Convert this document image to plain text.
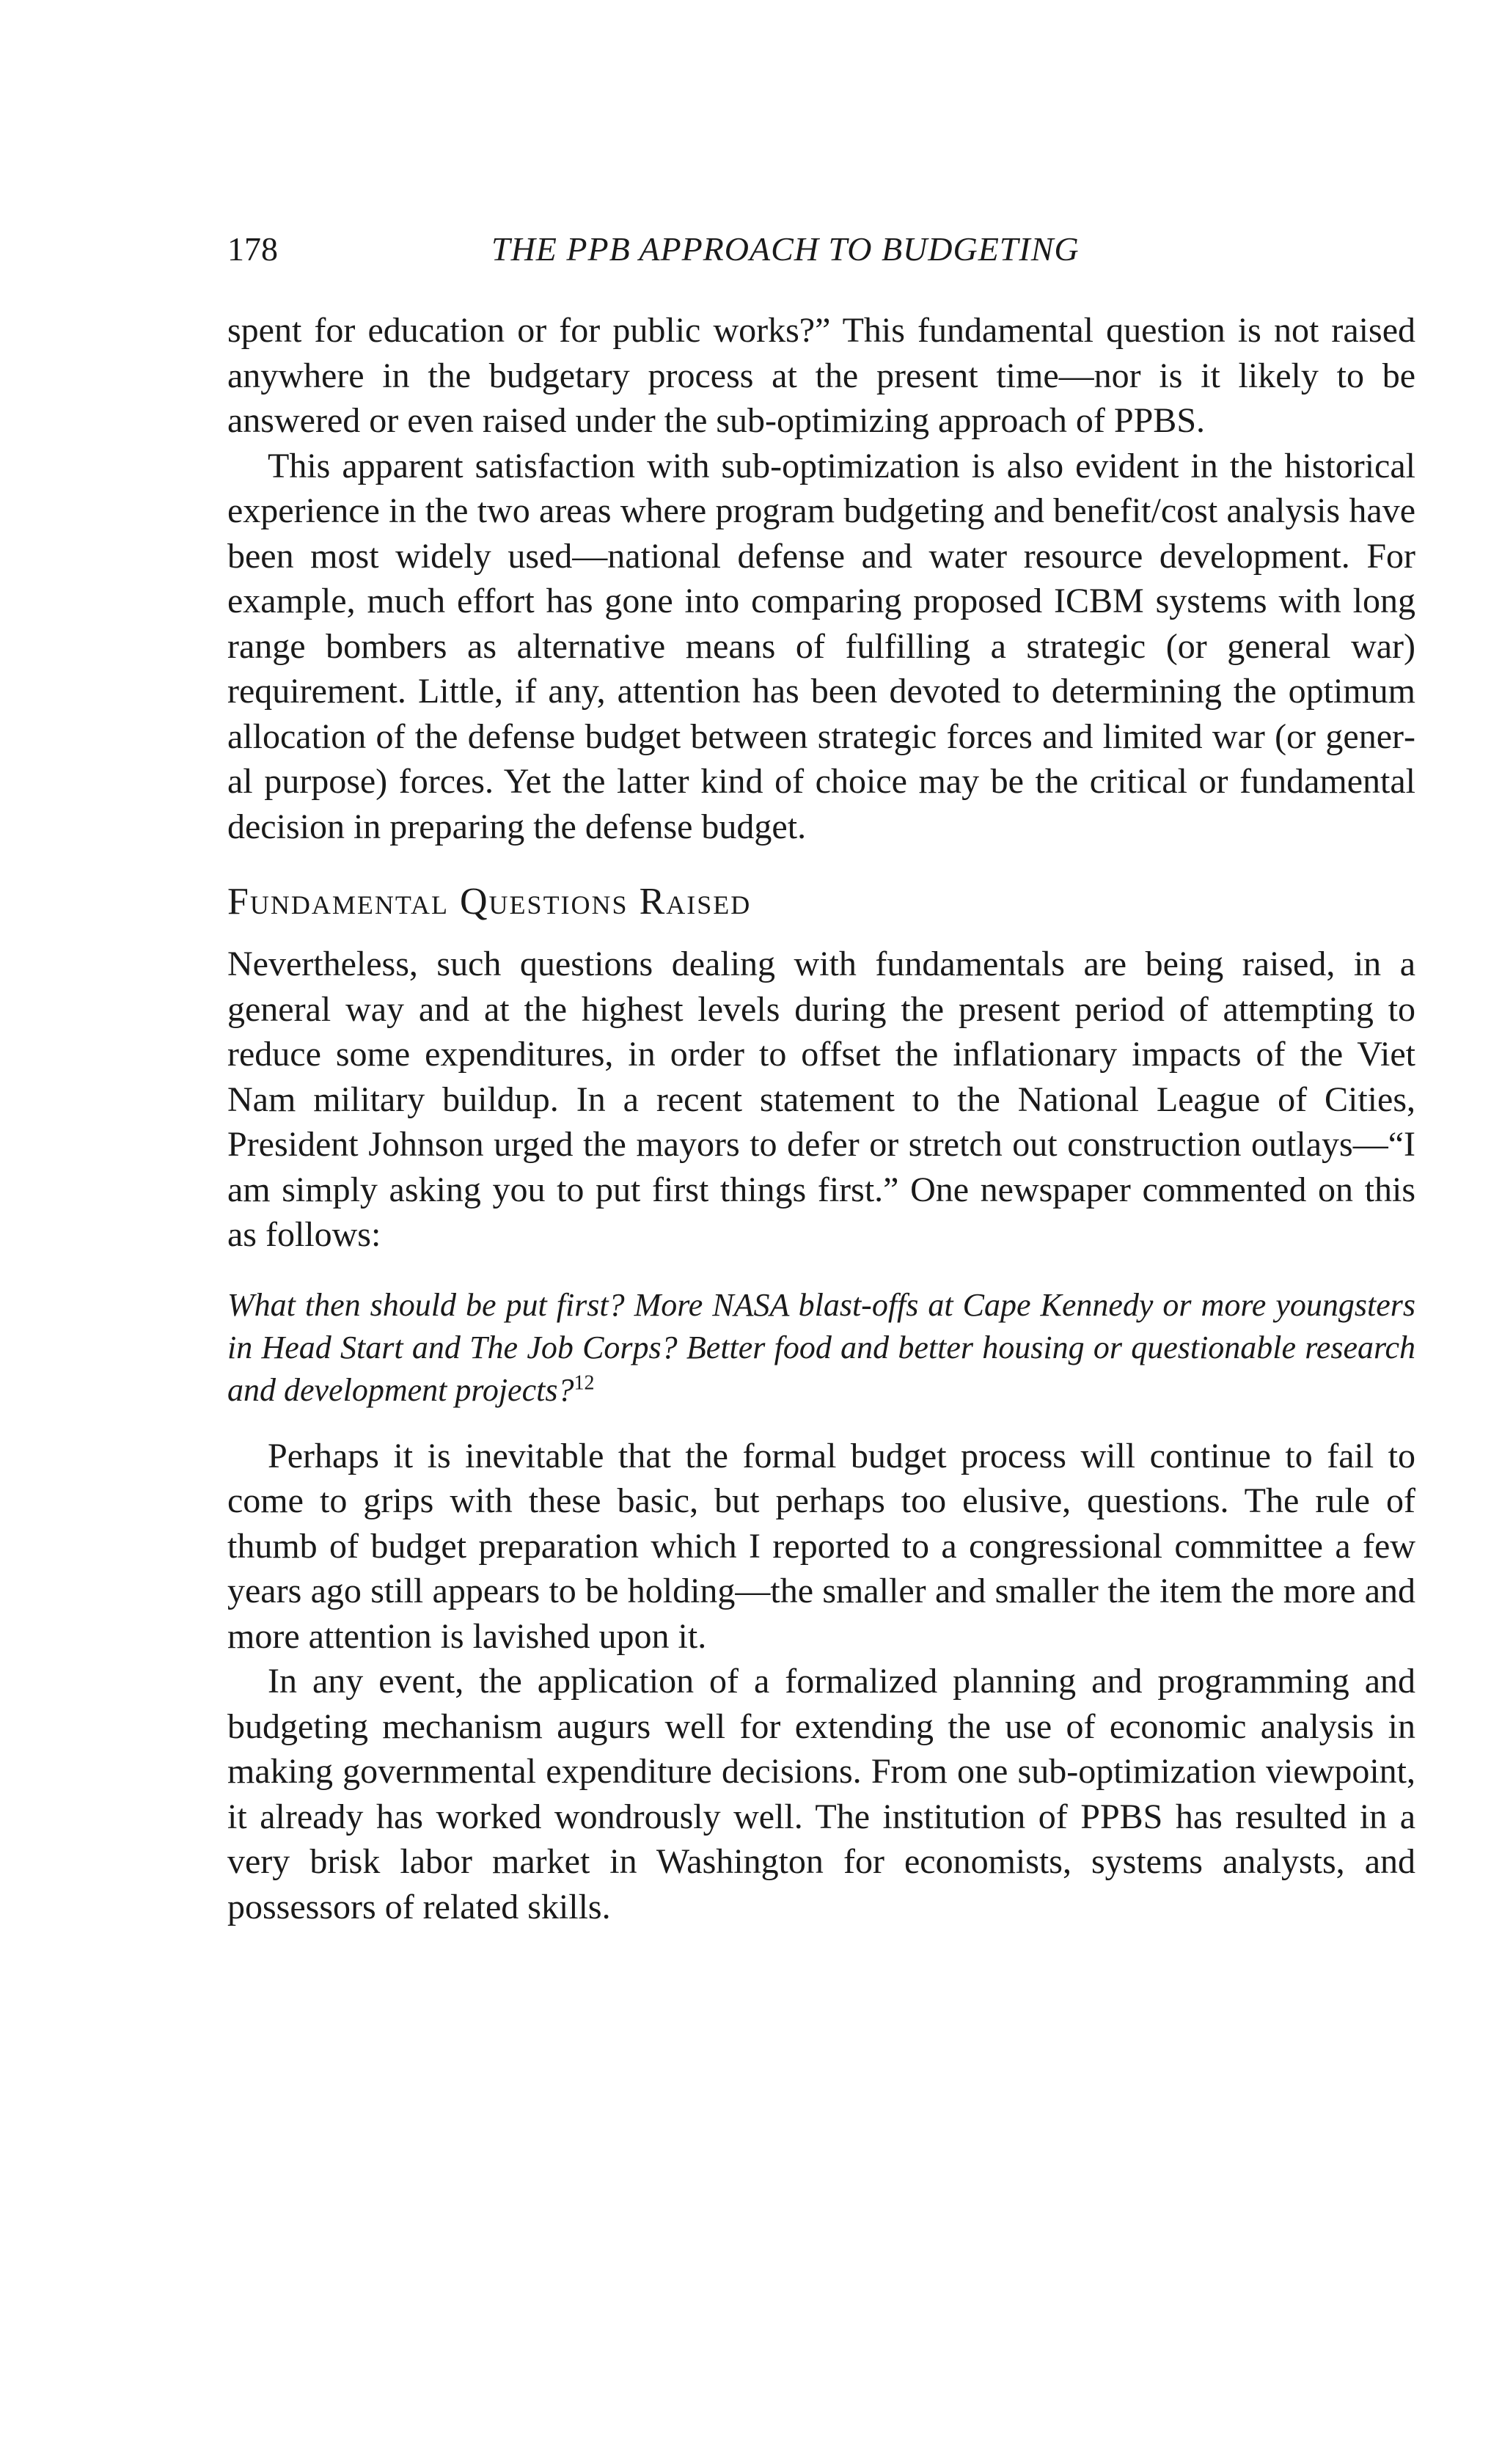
178	THE PPB APPROACH TO BUDGETING

spent for education or for public works?” This fundamental question is not raised anywhere in the budgetary process at the present time—nor is it likely to be answered or even raised under the sub-optimizing approach of PPBS.

This apparent satisfaction with sub-optimization is also evident in the historical experience in the two areas where program budgeting and benefit/cost analysis have been most widely used—national defense and water resource development. For example, much effort has gone into comparing proposed ICBM systems with long range bombers as alternative means of fulfilling a strategic (or general war) requirement. Little, if any, attention has been devoted to determining the optimum allocation of the defense budget between strategic forces and limited war (or general purpose) forces. Yet the latter kind of choice may be the critical or fundamental decision in preparing the defense budget.

Fundamental Questions Raised

Nevertheless, such questions dealing with fundamentals are being raised, in a general way and at the highest levels during the present period of attempting to reduce some expenditures, in order to offset the inflationary impacts of the Viet Nam military buildup. In a recent statement to the National League of Cities, President Johnson urged the mayors to defer or stretch out construction outlays—“I am simply asking you to put first things first.” One newspaper commented on this as follows:

What then should be put first? More NASA blast-offs at Cape Kennedy or more youngsters in Head Start and The Job Corps? Better food and better housing or questionable research and development projects?$^{12}$

Perhaps it is inevitable that the formal budget process will continue to fail to come to grips with these basic, but perhaps too elusive, questions. The rule of thumb of budget preparation which I reported to a congressional committee a few years ago still appears to be holding—the smaller and smaller the item the more and more attention is lavished upon it.

In any event, the application of a formalized planning and programming and budgeting mechanism augurs well for extending the use of economic analysis in making governmental expenditure decisions. From one sub-optimization viewpoint, it already has worked wondrously well. The institution of PPBS has resulted in a very brisk labor market in Washington for economists, systems analysts, and possessors of related skills.
